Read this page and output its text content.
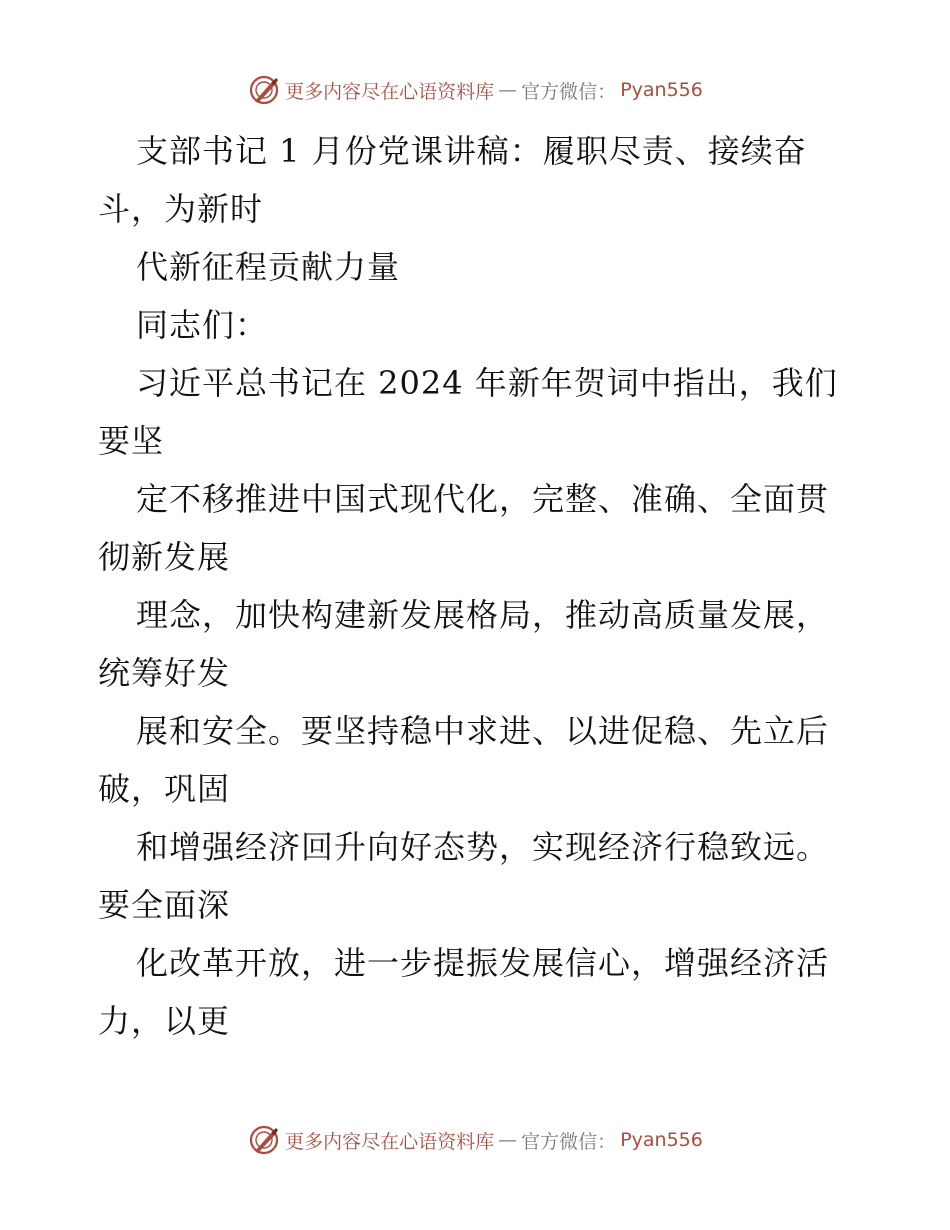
更多内容尽在心语资料库 — 官方微信： Pyan556
支部书记 1 月份党课讲稿：履职尽责、接续奋
斗，为新时
代新征程贡献力量
同志们：
习近平总书记在 2024 年新年贺词中指出，我们
要坚
定不移推进中国式现代化，完整、准确、全面贯
彻新发展
理念，加快构建新发展格局，推动高质量发展，
统筹好发
展和安全。要坚持稳中求进、以进促稳、先立后
破，巩固
和增强经济回升向好态势，实现经济行稳致远。
要全面深
化改革开放，进一步提振发展信心，增强经济活
力，以更
更多内容尽在心语资料库 — 官方微信： Pyan556
